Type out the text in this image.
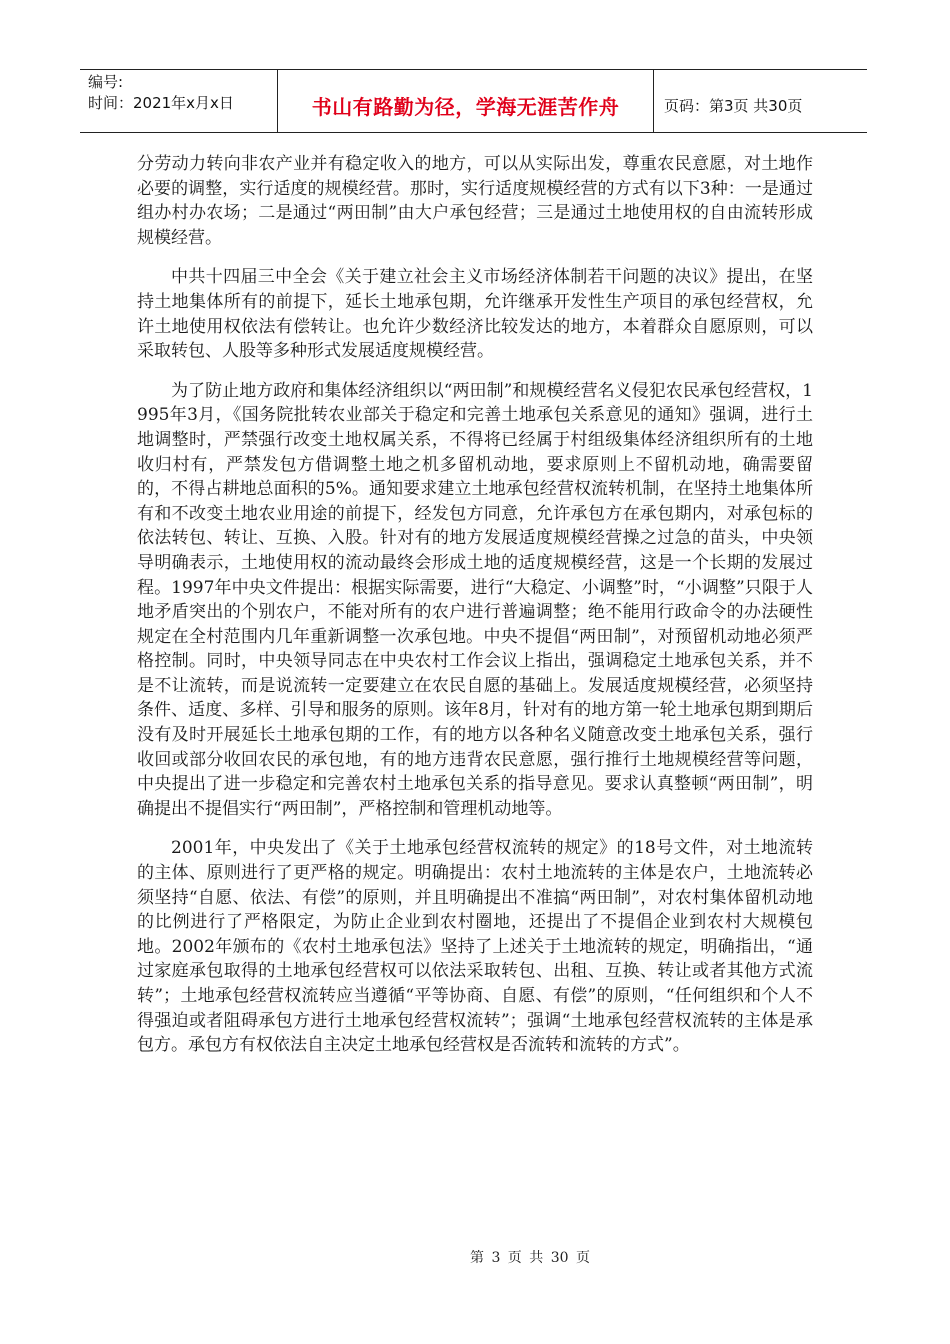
编号:
时间：2021年x月x日	书山有路勤为径，学海无涯苦作舟	页码：第3页 共30页

分劳动力转向非农产业并有稳定收入的地方，可以从实际出发，尊重农民意愿，对土地作必要的调整，实行适度的规模经营。那时，实行适度规模经营的方式有以下3种：一是通过组办村办农场；二是通过“两田制”由大户承包经营；三是通过土地使用权的自由流转形成规模经营。

中共十四届三中全会《关于建立社会主义市场经济体制若干问题的决议》提出，在坚持土地集体所有的前提下，延长土地承包期，允许继承开发性生产项目的承包经营权，允许土地使用权依法有偿转让。也允许少数经济比较发达的地方，本着群众自愿原则，可以采取转包、人股等多种形式发展适度规模经营。

为了防止地方政府和集体经济组织以“两田制”和规模经营名义侵犯农民承包经营权，1995年3月，《国务院批转农业部关于稳定和完善土地承包关系意见的通知》强调，进行土地调整时，严禁强行改变土地权属关系，不得将已经属于村组级集体经济组织所有的土地收归村有，严禁发包方借调整土地之机多留机动地，要求原则上不留机动地，确需要留的，不得占耕地总面积的5%。通知要求建立土地承包经营权流转机制，在坚持土地集体所有和不改变土地农业用途的前提下，经发包方同意，允许承包方在承包期内，对承包标的依法转包、转让、互换、入股。针对有的地方发展适度规模经营操之过急的苗头，中央领导明确表示，土地使用权的流动最终会形成土地的适度规模经营，这是一个长期的发展过程。1997年中央文件提出：根据实际需要，进行“大稳定、小调整”时，“小调整”只限于人地矛盾突出的个别农户，不能对所有的农户进行普遍调整；绝不能用行政命令的办法硬性规定在全村范围内几年重新调整一次承包地。中央不提倡“两田制”，对预留机动地必须严格控制。同时，中央领导同志在中央农村工作会议上指出，强调稳定土地承包关系，并不是不让流转，而是说流转一定要建立在农民自愿的基础上。发展适度规模经营，必须坚持条件、适度、多样、引导和服务的原则。该年8月，针对有的地方第一轮土地承包期到期后没有及时开展延长土地承包期的工作，有的地方以各种名义随意改变土地承包关系，强行收回或部分收回农民的承包地，有的地方违背农民意愿，强行推行土地规模经营等问题，中央提出了进一步稳定和完善农村土地承包关系的指导意见。要求认真整顿“两田制”，明确提出不提倡实行“两田制”，严格控制和管理机动地等。

2001年，中央发出了《关于土地承包经营权流转的规定》的18号文件，对土地流转的主体、原则进行了更严格的规定。明确提出：农村土地流转的主体是农户，土地流转必须坚持“自愿、依法、有偿”的原则，并且明确提出不准搞“两田制”，对农村集体留机动地的比例进行了严格限定，为防止企业到农村圈地，还提出了不提倡企业到农村大规模包地。2002年颁布的《农村土地承包法》坚持了上述关于土地流转的规定，明确指出，“通过家庭承包取得的土地承包经营权可以依法采取转包、出租、互换、转让或者其他方式流转”；土地承包经营权流转应当遵循“平等协商、自愿、有偿”的原则，“任何组织和个人不得强迫或者阻碍承包方进行土地承包经营权流转”；强调“土地承包经营权流转的主体是承包方。承包方有权依法自主决定土地承包经营权是否流转和流转的方式”。

第 3 页 共 30 页
